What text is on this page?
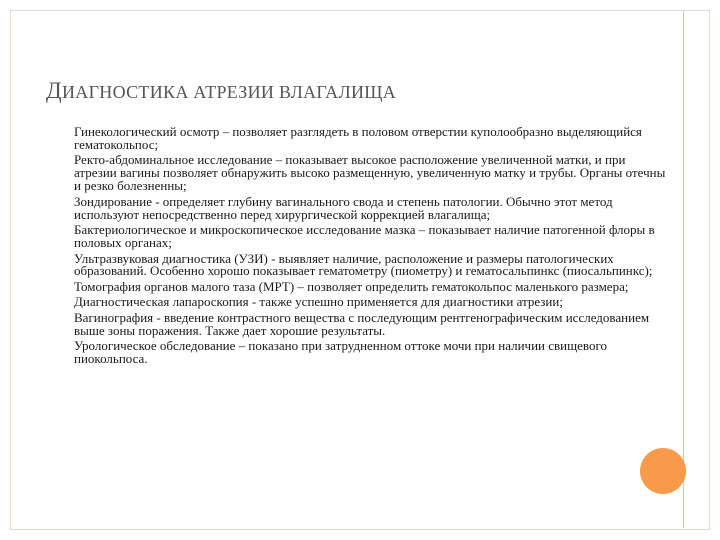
ДИАГНОСТИКА АТРЕЗИИ ВЛАГАЛИЩА
Гинекологический осмотр – позволяет разглядеть в половом отверстии куполообразно выделяющийся гематокольпос;
Ректо-абдоминальное исследование – показывает высокое расположение увеличенной матки, и при атрезии вагины позволяет обнаружить высоко размещенную, увеличенную матку и трубы. Органы отечны и резко болезненны;
Зондирование - определяет глубину вагинального свода и степень патологии. Обычно этот метод используют непосредственно перед хирургической коррекцией влагалища;
Бактериологическое и микроскопическое исследование мазка – показывает наличие патогенной флоры в половых органах;
Ультразвуковая диагностика (УЗИ) - выявляет наличие, расположение и размеры патологических образований. Особенно хорошо показывает гематометру (пиометру) и гематосальпинкс (пиосальпинкс);
Томография органов малого таза (МРТ) – позволяет определить гематокольпос маленького размера;
Диагностическая лапароскопия - также успешно применяется для диагностики атрезии;
Вагинография - введение контрастного вещества с последующим рентгенографическим исследованием выше зоны поражения. Также дает хорошие результаты.
Урологическое обследование – показано при затрудненном оттоке мочи при наличии свищевого пиокольпоса.
